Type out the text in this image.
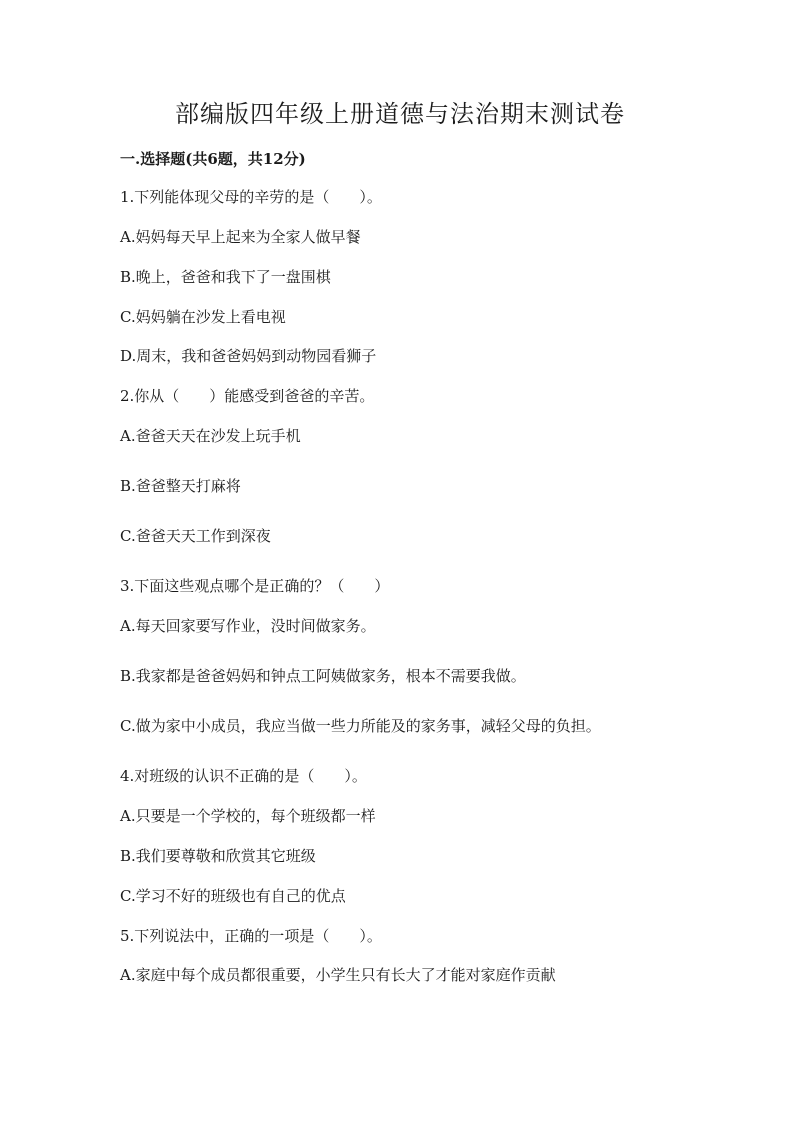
部编版四年级上册道德与法治期末测试卷
一.选择题(共6题，共12分)

1.下列能体现父母的辛劳的是（　　）。

A.妈妈每天早上起来为全家人做早餐

B.晚上，爸爸和我下了一盘围棋

C.妈妈躺在沙发上看电视

D.周末，我和爸爸妈妈到动物园看狮子

2.你从（　　）能感受到爸爸的辛苦。

A.爸爸天天在沙发上玩手机

B.爸爸整天打麻将

C.爸爸天天工作到深夜

3.下面这些观点哪个是正确的？（　　）

A.每天回家要写作业，没时间做家务。

B.我家都是爸爸妈妈和钟点工阿姨做家务，根本不需要我做。

C.做为家中小成员，我应当做一些力所能及的家务事，减轻父母的负担。

4.对班级的认识不正确的是（　　）。

A.只要是一个学校的，每个班级都一样

B.我们要尊敬和欣赏其它班级

C.学习不好的班级也有自己的优点

5.下列说法中，正确的一项是（　　）。

A.家庭中每个成员都很重要，小学生只有长大了才能对家庭作贡献
